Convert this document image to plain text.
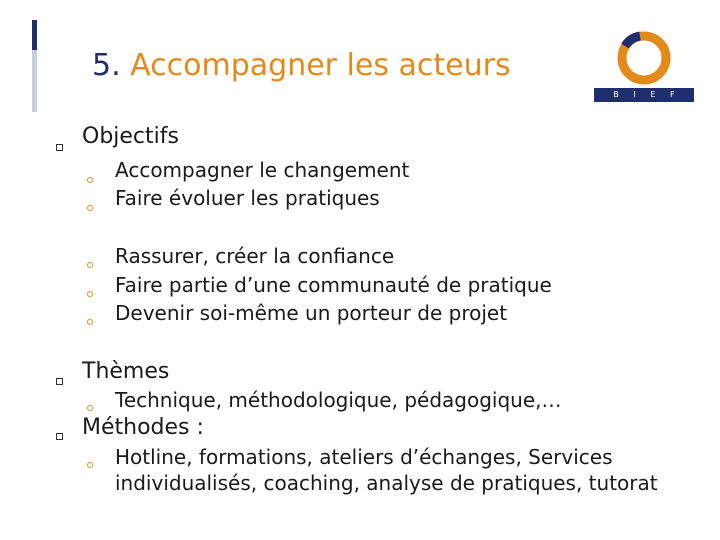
5. Accompagner les acteurs
B I E F
Objectifs
Accompagner le changement
Faire évoluer les pratiques
Rassurer, créer la confiance
Faire partie d’une communauté de pratique
Devenir soi-même un porteur de projet
Thèmes
Technique, méthodologique, pédagogique,…
Méthodes :
Hotline, formations, ateliers d’échanges, Services
individualisés, coaching, analyse de pratiques, tutorat
